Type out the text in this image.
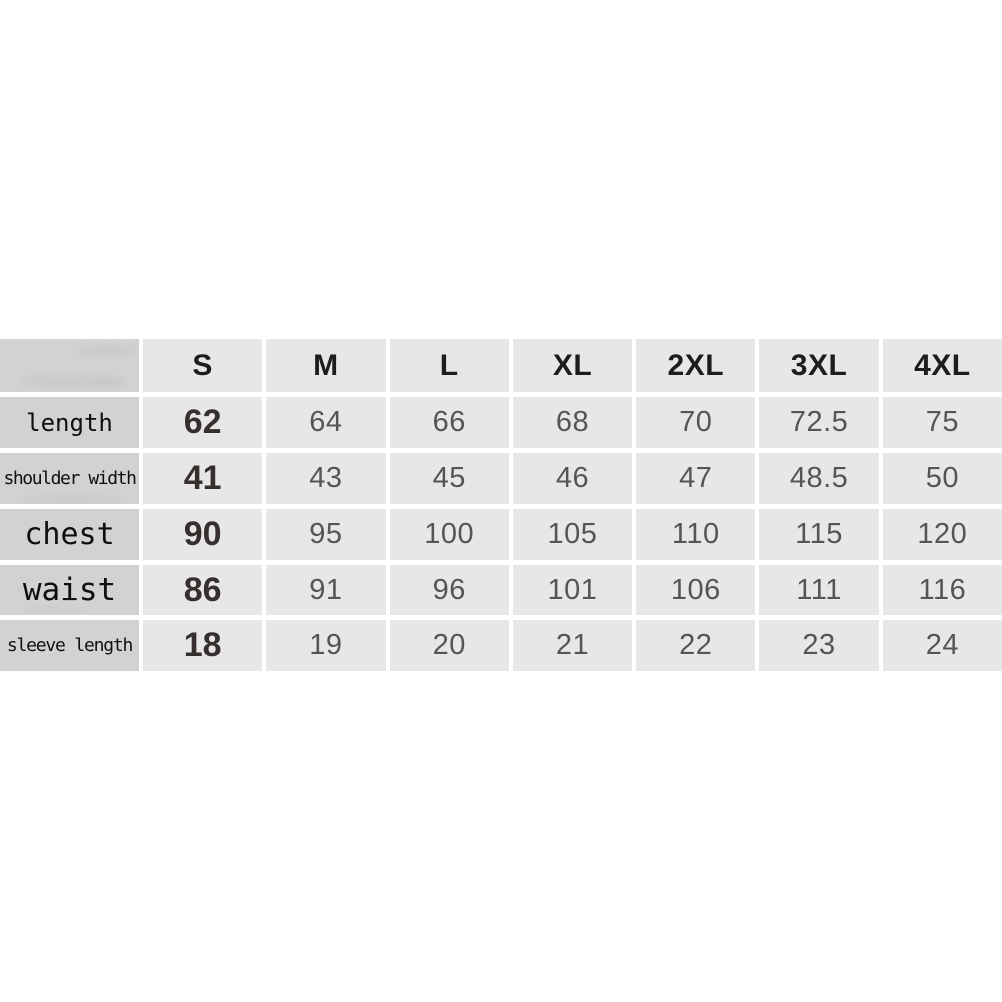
S	M	L	XL	2XL	3XL	4XL
length	62	64	66	68	70	72.5	75
shoulder width	41	43	45	46	47	48.5	50
chest	90	95	100	105	110	115	120
waist	86	91	96	101	106	111	116
sleeve length	18	19	20	21	22	23	24
